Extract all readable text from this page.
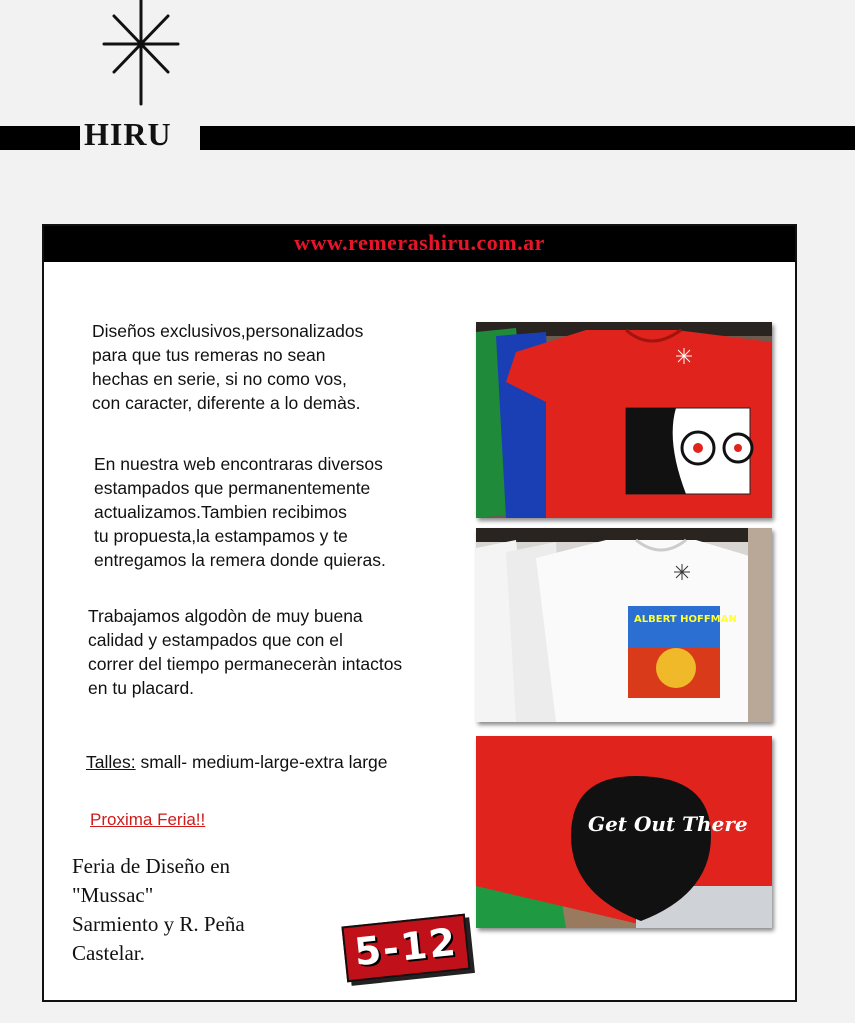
HIRU
www.remerashiru.com.ar

Diseños exclusivos,personalizados
para que tus remeras no sean
hechas en serie, si no como vos,
con caracter, diferente a lo demàs.

En nuestra web encontraras diversos
estampados que permanentemente
actualizamos.Tambien recibimos
tu propuesta,la estampamos y te
entregamos la remera donde quieras.

Trabajamos algodòn de muy buena
calidad y estampados que con el
correr del tiempo permaneceràn intactos
en tu placard.

Talles: small- medium-large-extra large
Proxima Feria!!

Feria de Diseño en
"Mussac"
Sarmiento y R. Peña
Castelar.	5-12
ALBERT HOFFMAN
Get Out There
